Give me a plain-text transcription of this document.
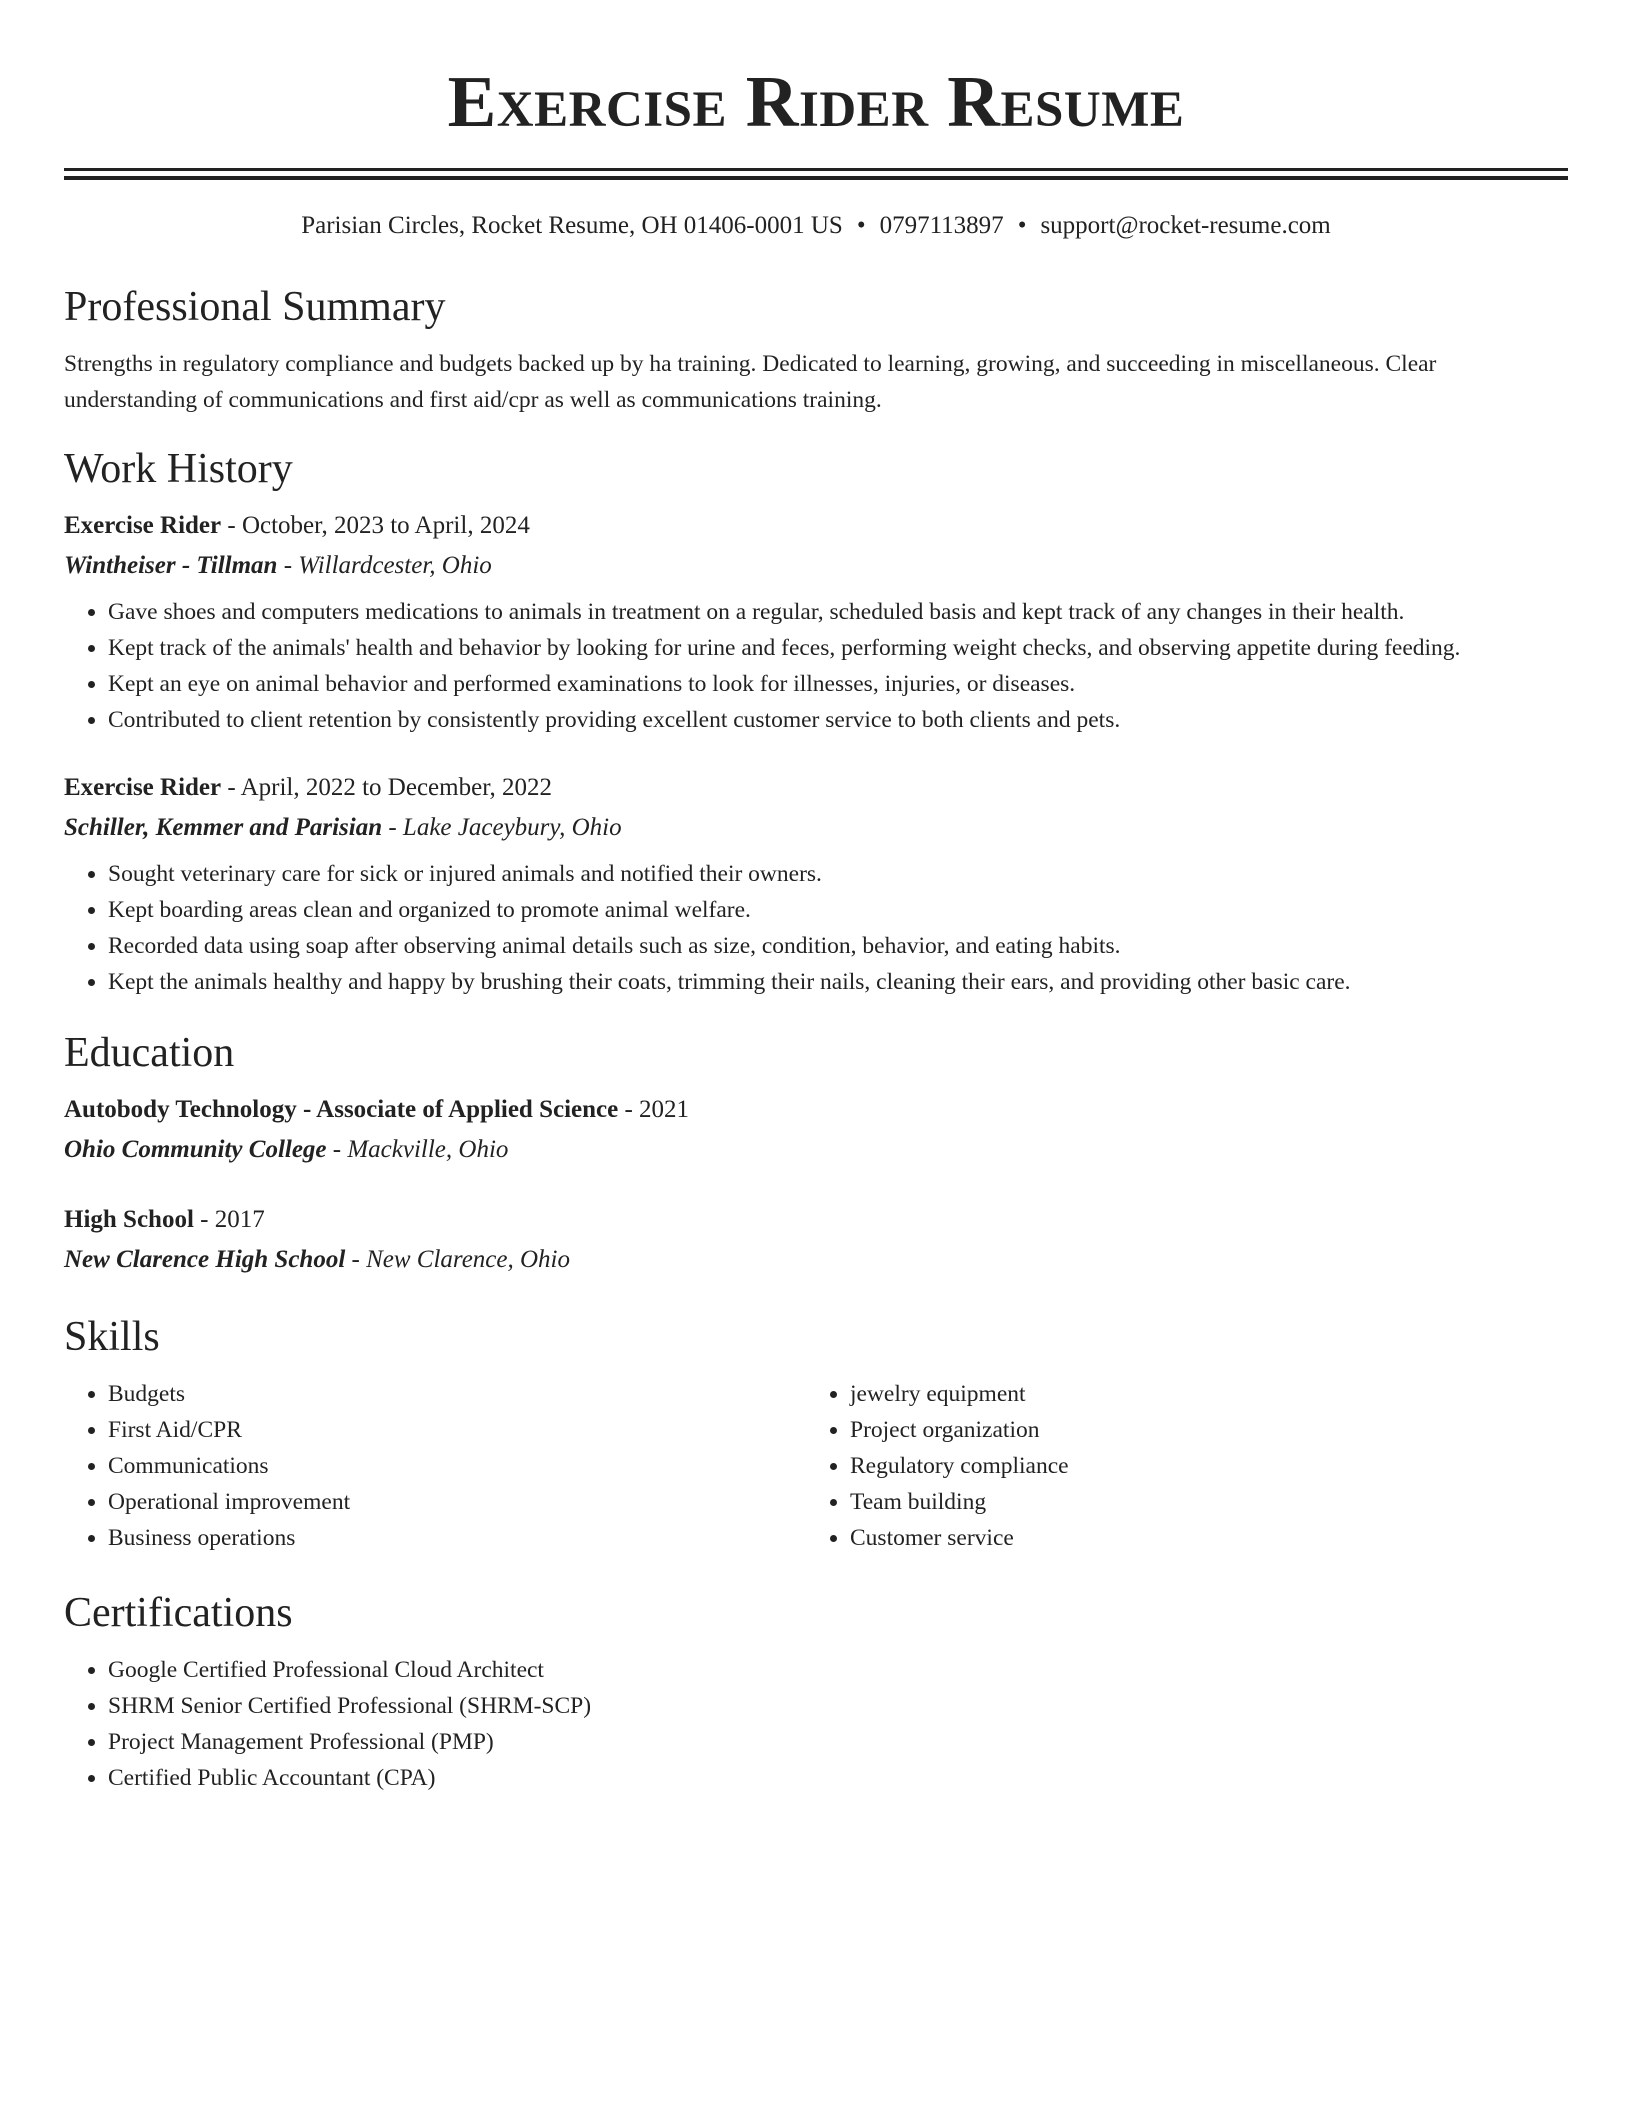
Exercise Rider Resume
Parisian Circles, Rocket Resume, OH 01406-0001 US • 0797113897 • support@rocket-resume.com
Professional Summary

Strengths in regulatory compliance and budgets backed up by ha training. Dedicated to learning, growing, and succeeding in miscellaneous. Clear understanding of communications and first aid/cpr as well as communications training.

Work History
Exercise Rider - October, 2023 to April, 2024
Wintheiser - Tillman - Willardcester, Ohio
• Gave shoes and computers medications to animals in treatment on a regular, scheduled basis and kept track of any changes in their health.
• Kept track of the animals' health and behavior by looking for urine and feces, performing weight checks, and observing appetite during feeding.
• Kept an eye on animal behavior and performed examinations to look for illnesses, injuries, or diseases.
• Contributed to client retention by consistently providing excellent customer service to both clients and pets.
Exercise Rider - April, 2022 to December, 2022
Schiller, Kemmer and Parisian - Lake Jaceybury, Ohio
• Sought veterinary care for sick or injured animals and notified their owners.
• Kept boarding areas clean and organized to promote animal welfare.
• Recorded data using soap after observing animal details such as size, condition, behavior, and eating habits.
• Kept the animals healthy and happy by brushing their coats, trimming their nails, cleaning their ears, and providing other basic care.
Education
Autobody Technology - Associate of Applied Science - 2021
Ohio Community College - Mackville, Ohio
High School - 2017
New Clarence High School - New Clarence, Ohio
Skills
• Budgets
• First Aid/CPR
• Communications
• Operational improvement
• Business operations
• jewelry equipment
• Project organization
• Regulatory compliance
• Team building
• Customer service
Certifications
• Google Certified Professional Cloud Architect
• SHRM Senior Certified Professional (SHRM-SCP)
• Project Management Professional (PMP)
• Certified Public Accountant (CPA)
